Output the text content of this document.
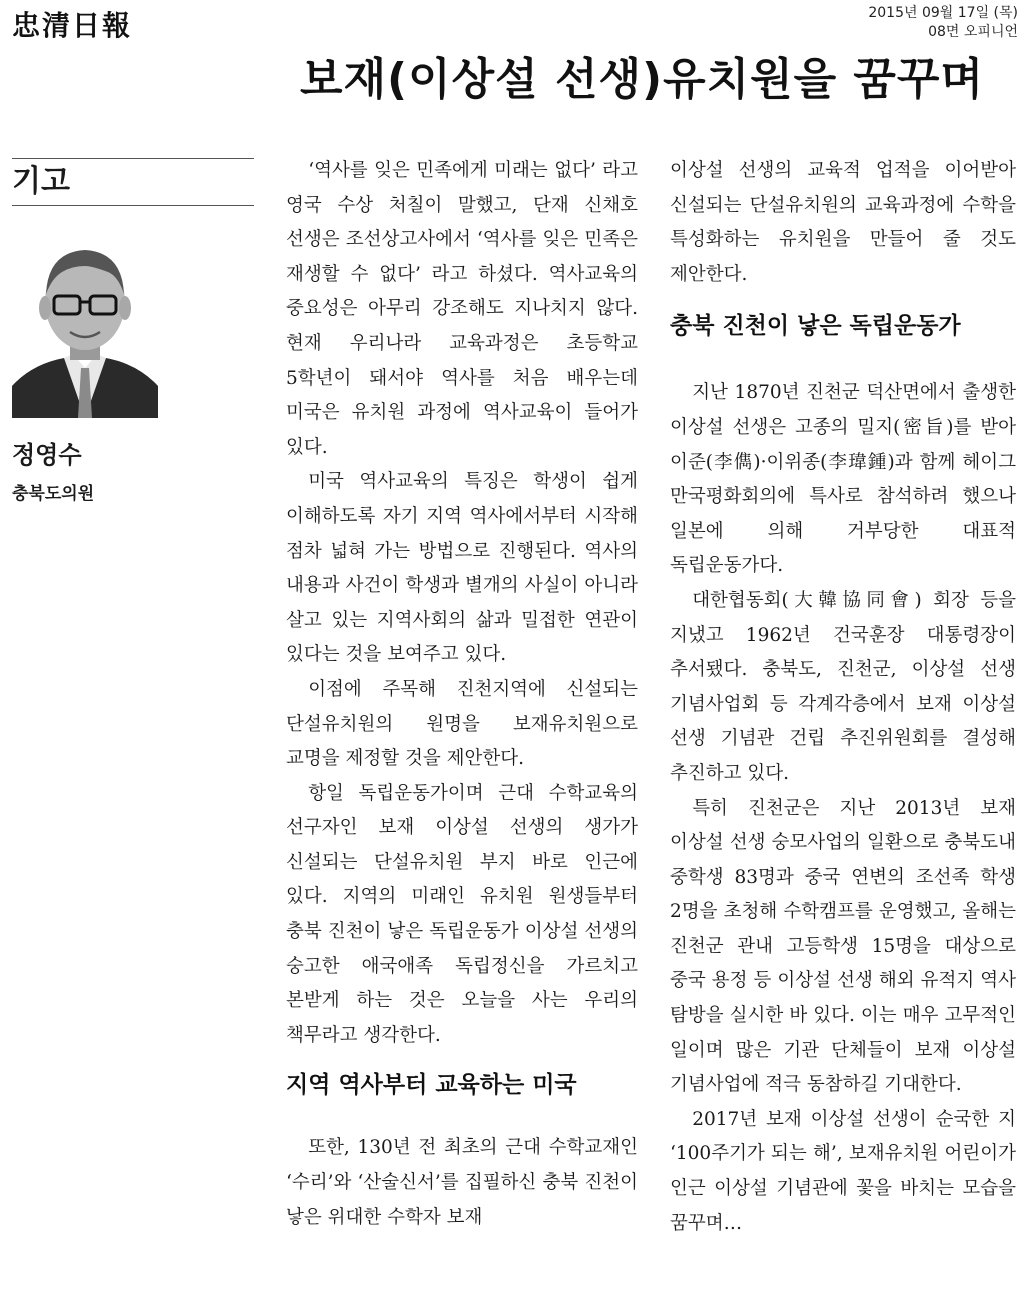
忠清日報	2015년 09월 17일 (목)
08면 오피니언
보재(이상설 선생)유치원을 꿈꾸며
기고
정영수
충북도의원

‘역사를 잊은 민족에게 미래는 없다’ 라고 영국 수상 처칠이 말했고, 단재 신채호 선생은 조선상고사에서 ‘역사를 잊은 민족은 재생할 수 없다’ 라고 하셨다. 역사교육의 중요성은 아무리 강조해도 지나치지 않다. 현재 우리나라 교육과정은 초등학교 5학년이 돼서야 역사를 처음 배우는데 미국은 유치원 과정에 역사교육이 들어가 있다.

미국 역사교육의 특징은 학생이 쉽게 이해하도록 자기 지역 역사에서부터 시작해 점차 넓혀 가는 방법으로 진행된다. 역사의 내용과 사건이 학생과 별개의 사실이 아니라 살고 있는 지역사회의 삶과 밀접한 연관이 있다는 것을 보여주고 있다.

이점에 주목해 진천지역에 신설되는 단설유치원의 원명을 보재유치원으로 교명을 제정할 것을 제안한다.

항일 독립운동가이며 근대 수학교육의 선구자인 보재 이상설 선생의 생가가 신설되는 단설유치원 부지 바로 인근에 있다. 지역의 미래인 유치원 원생들부터 충북 진천이 낳은 독립운동가 이상설 선생의 숭고한 애국애족 독립정신을 가르치고 본받게 하는 것은 오늘을 사는 우리의 책무라고 생각한다.

지역 역사부터 교육하는 미국

또한, 130년 전 최초의 근대 수학교재인 ‘수리’와 ‘산술신서’를 집필하신 충북 진천이 낳은 위대한 수학자 보재

이상설 선생의 교육적 업적을 이어받아 신설되는 단설유치원의 교육과정에 수학을 특성화하는 유치원을 만들어 줄 것도 제안한다.

충북 진천이 낳은 독립운동가

지난 1870년 진천군 덕산면에서 출생한 이상설 선생은 고종의 밀지(密旨)를 받아 이준(李儁)·이위종(李瑋鍾)과 함께 헤이그 만국평화회의에 특사로 참석하려 했으나 일본에 의해 거부당한 대표적 독립운동가다.

대한협동회(大韓協同會) 회장 등을 지냈고 1962년 건국훈장 대통령장이 추서됐다. 충북도, 진천군, 이상설 선생 기념사업회 등 각계각층에서 보재 이상설 선생 기념관 건립 추진위원회를 결성해 추진하고 있다.

특히 진천군은 지난 2013년 보재 이상설 선생 숭모사업의 일환으로 충북도내 중학생 83명과 중국 연변의 조선족 학생 2명을 초청해 수학캠프를 운영했고, 올해는 진천군 관내 고등학생 15명을 대상으로 중국 용정 등 이상설 선생 해외 유적지 역사 탐방을 실시한 바 있다. 이는 매우 고무적인 일이며 많은 기관 단체들이 보재 이상설 기념사업에 적극 동참하길 기대한다.

2017년 보재 이상설 선생이 순국한 지 ‘100주기가 되는 해’, 보재유치원 어린이가 인근 이상설 기념관에 꽃을 바치는 모습을 꿈꾸며…
